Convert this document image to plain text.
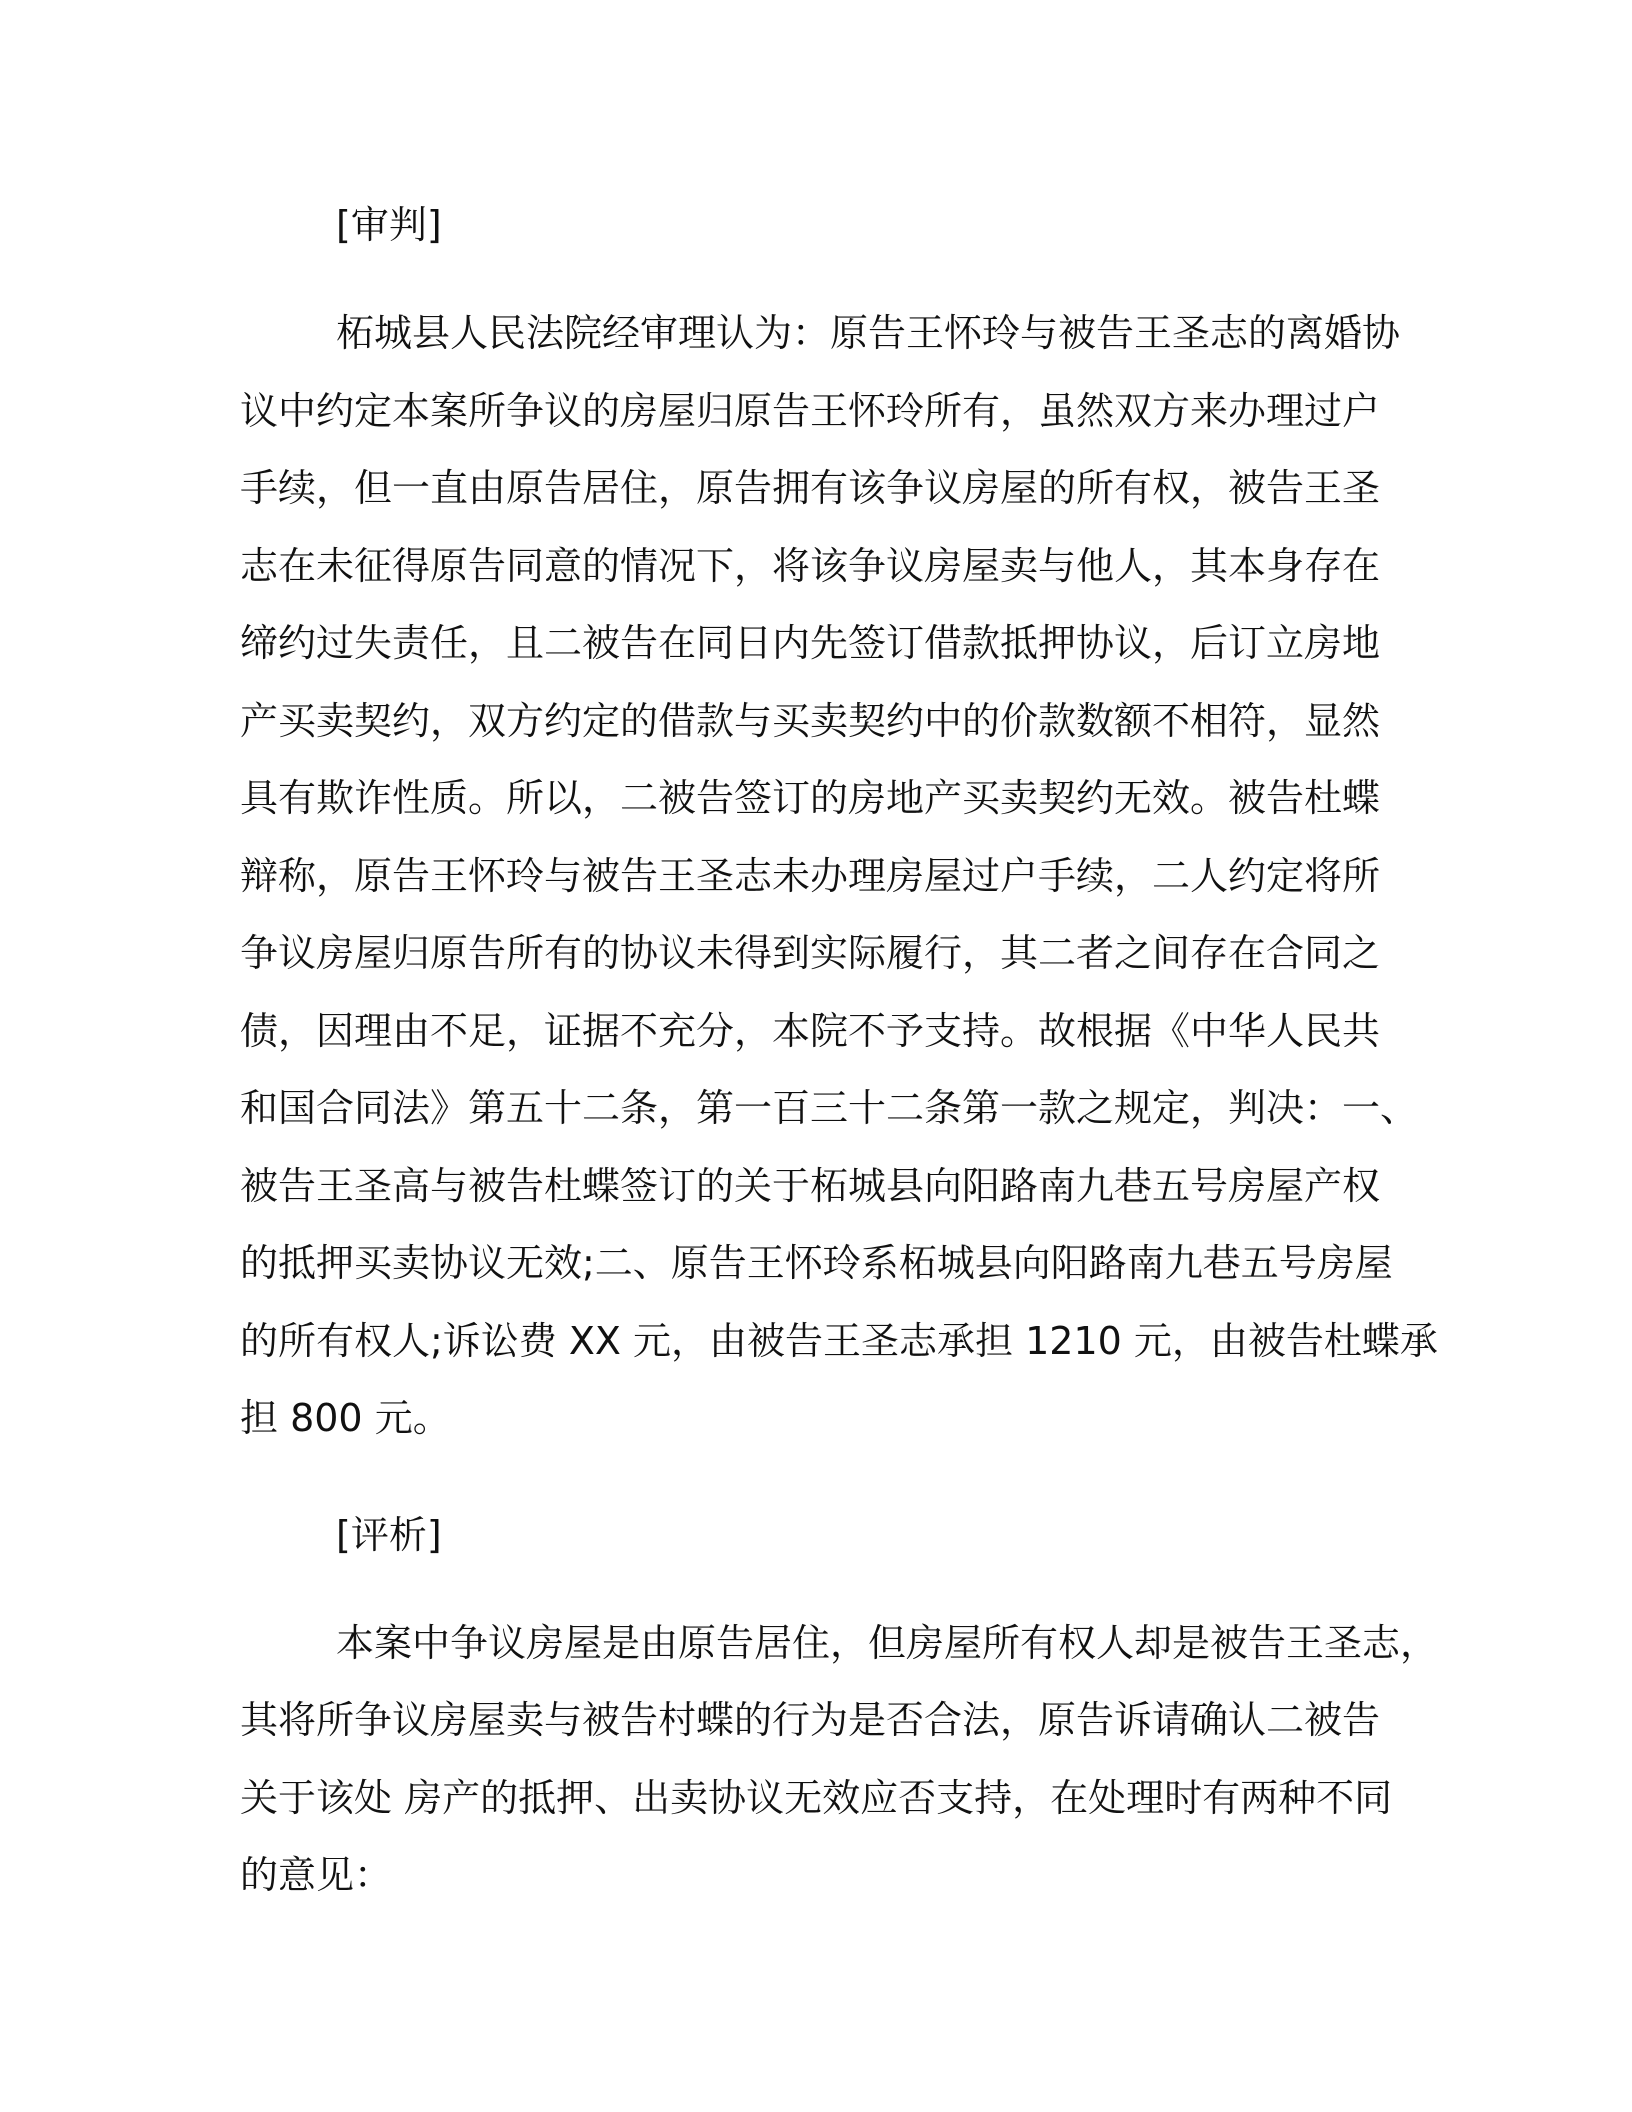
[审判]

柘城县人民法院经审理认为：原告王怀玲与被告王圣志的离婚协
议中约定本案所争议的房屋归原告王怀玲所有，虽然双方来办理过户
手续，但一直由原告居住，原告拥有该争议房屋的所有权，被告王圣
志在未征得原告同意的情况下，将该争议房屋卖与他人，其本身存在
缔约过失责任，且二被告在同日内先签订借款抵押协议，后订立房地
产买卖契约，双方约定的借款与买卖契约中的价款数额不相符，显然
具有欺诈性质。所以，二被告签订的房地产买卖契约无效。被告杜蝶
辩称，原告王怀玲与被告王圣志未办理房屋过户手续，二人约定将所
争议房屋归原告所有的协议未得到实际履行，其二者之间存在合同之
债，因理由不足，证据不充分，本院不予支持。故根据《中华人民共
和国合同法》第五十二条，第一百三十二条第一款之规定，判决：一、
被告王圣高与被告杜蝶签订的关于柘城县向阳路南九巷五号房屋产权
的抵押买卖协议无效;二、原告王怀玲系柘城县向阳路南九巷五号房屋
的所有权人;诉讼费 XX 元，由被告王圣志承担 1210 元，由被告杜蝶承
担 800 元。

[评析]

本案中争议房屋是由原告居住，但房屋所有权人却是被告王圣志，
其将所争议房屋卖与被告村蝶的行为是否合法，原告诉请确认二被告
关于该处 房产的抵押、出卖协议无效应否支持，在处理时有两种不同
的意见：
